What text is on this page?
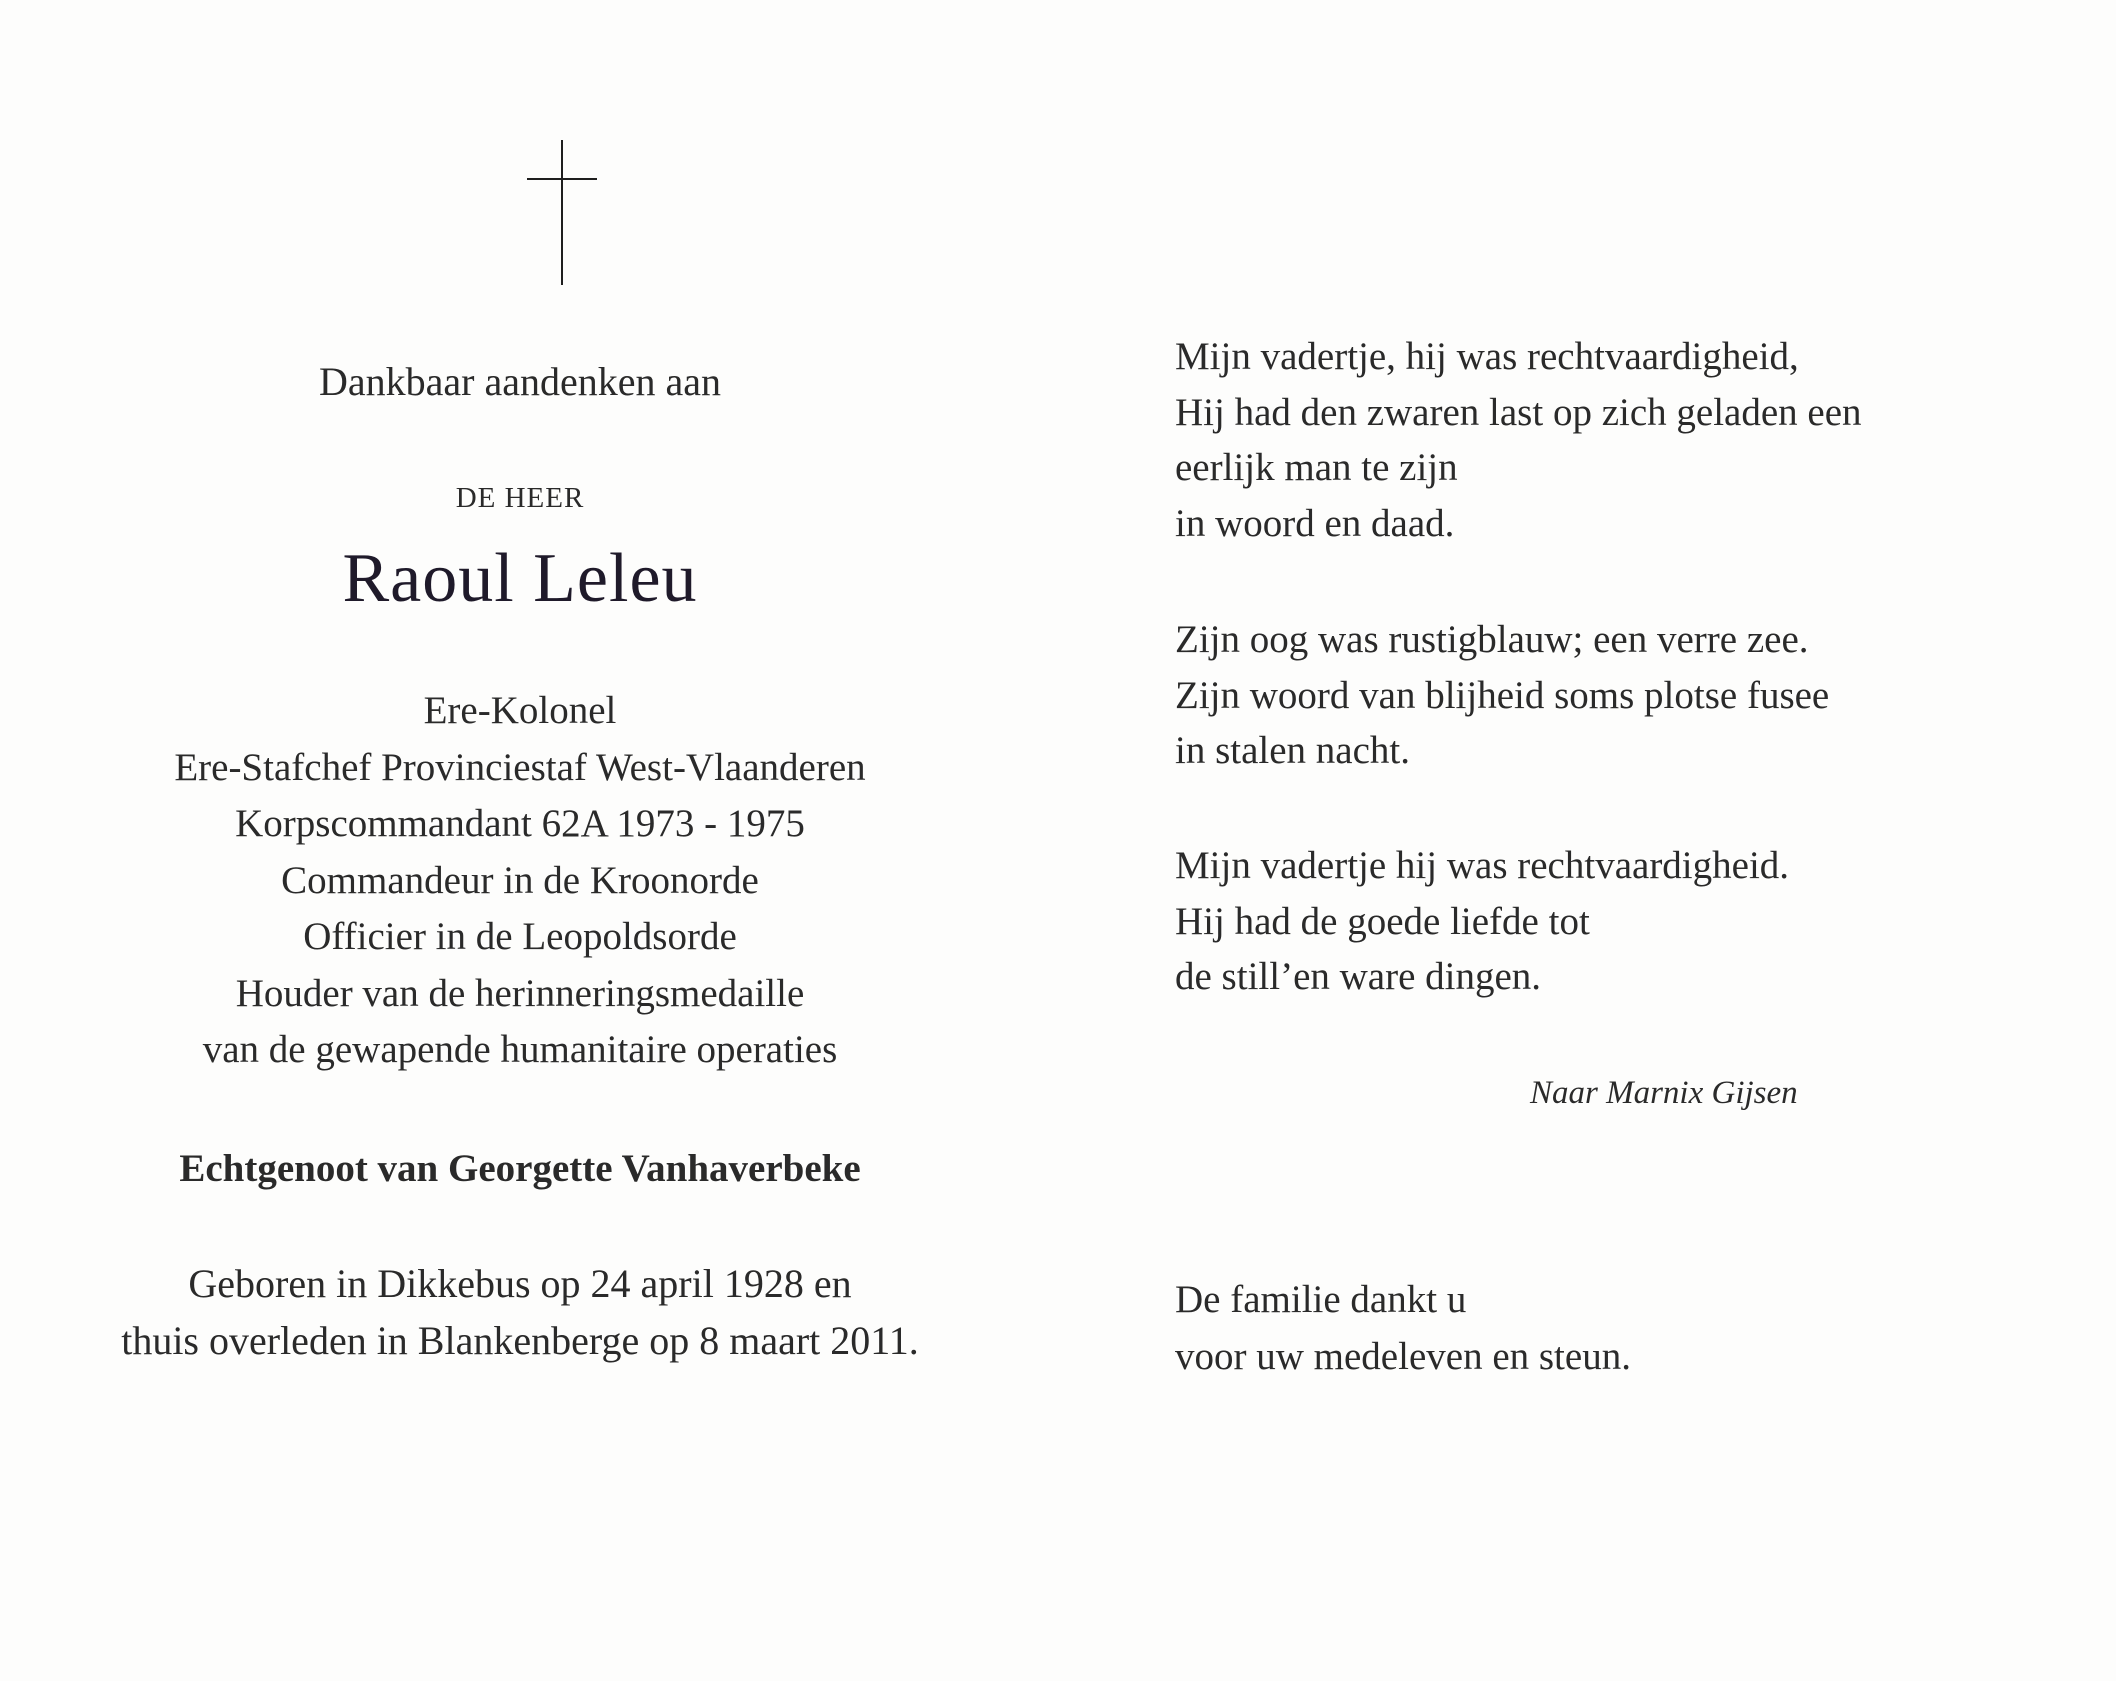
Dankbaar aandenken aan
DE HEER
Raoul Leleu
Ere-Kolonel
Ere-Stafchef Provinciestaf West-Vlaanderen
Korpscommandant 62A 1973 - 1975
Commandeur in de Kroonorde
Officier in de Leopoldsorde
Houder van de herinneringsmedaille
van de gewapende humanitaire operaties
Echtgenoot van Georgette Vanhaverbeke
Geboren in Dikkebus op 24 april 1928 en
thuis overleden in Blankenberge op 8 maart 2011.
Mijn vadertje, hij was rechtvaardigheid,
Hij had den zwaren last op zich geladen een
eerlijk man te zijn
in woord en daad.
Zijn oog was rustigblauw; een verre zee.
Zijn woord van blijheid soms plotse fusee
in stalen nacht.
Mijn vadertje hij was rechtvaardigheid.
Hij had de goede liefde tot
de still’en ware dingen.
Naar Marnix Gijsen
De familie dankt u
voor uw medeleven en steun.
